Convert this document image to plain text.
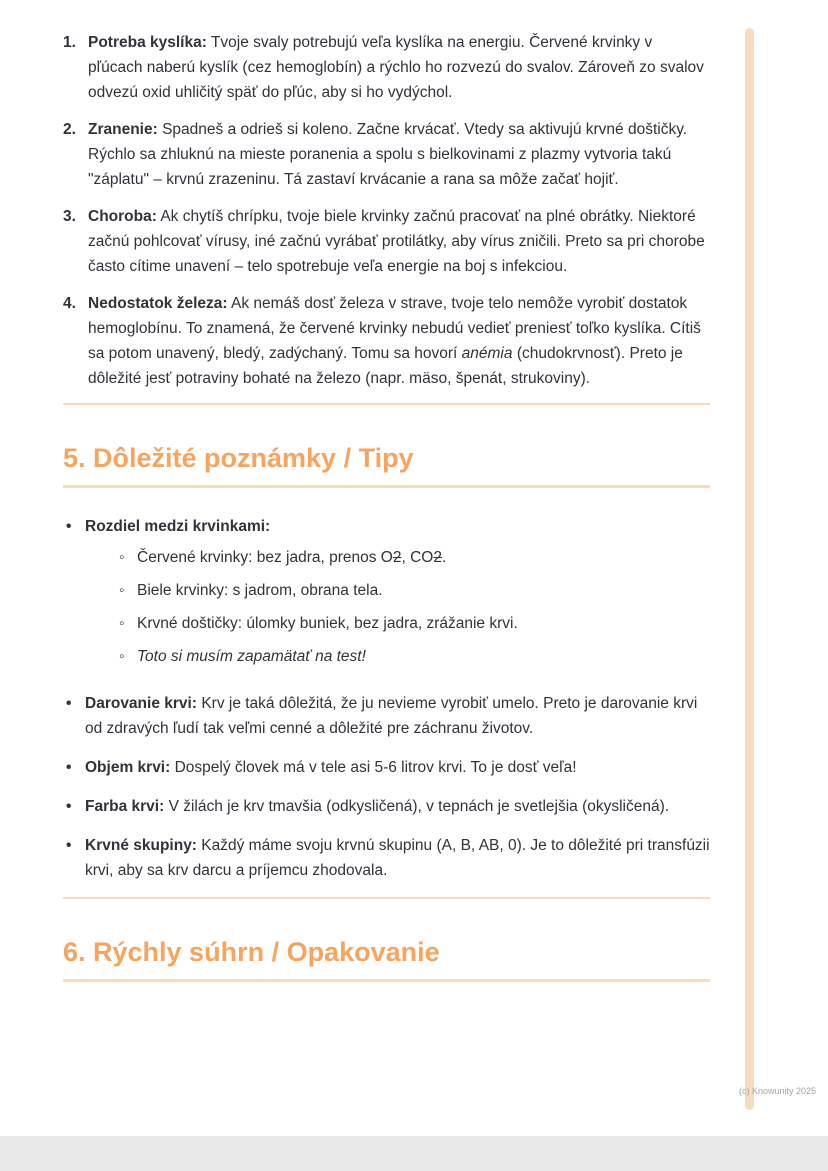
1. Potreba kyslíka: Tvoje svaly potrebujú veľa kyslíka na energiu. Červené krvinky v pľúcach naberú kyslík (cez hemoglobín) a rýchlo ho rozvezú do svalov. Zároveň zo svalov odvezú oxid uhličitý späť do pľúc, aby si ho vydýchol.
2. Zranenie: Spadneš a odrieš si koleno. Začne krvácať. Vtedy sa aktivujú krvné doštičky. Rýchlo sa zhluknú na mieste poranenia a spolu s bielkovinami z plazmy vytvoria takú "záplatu" – krvnú zrazeninu. Tá zastaví krvácanie a rana sa môže začať hojiť.
3. Choroba: Ak chytíš chrípku, tvoje biele krvinky začnú pracovať na plné obrátky. Niektoré začnú pohlcovať vírusy, iné začnú vyrábať protilátky, aby vírus zničili. Preto sa pri chorobe často cítime unavení – telo spotrebuje veľa energie na boj s infekciou.
4. Nedostatok železa: Ak nemáš dosť železa v strave, tvoje telo nemôže vyrobiť dostatok hemoglobínu. To znamená, že červené krvinky nebudú vedieť preniesť toľko kyslíka. Cítiš sa potom unavený, bledý, zadýchaný. Tomu sa hovorí anémia (chudokrvnosť). Preto je dôležité jesť potraviny bohaté na železo (napr. mäso, špenát, strukoviny).
5. Dôležité poznámky / Tipy
• Rozdiel medzi krvinkami:
◦ Červené krvinky: bez jadra, prenos O2, CO2.
◦ Biele krvinky: s jadrom, obrana tela.
◦ Krvné doštičky: úlomky buniek, bez jadra, zrážanie krvi.
◦ Toto si musím zapamätať na test!
• Darovanie krvi: Krv je taká dôležitá, že ju nevieme vyrobiť umelo. Preto je darovanie krvi od zdravých ľudí tak veľmi cenné a dôležité pre záchranu životov.
• Objem krvi: Dospelý človek má v tele asi 5-6 litrov krvi. To je dosť veľa!
• Farba krvi: V žilách je krv tmavšia (odkysličená), v tepnách je svetlejšia (okysličená).
• Krvné skupiny: Každý máme svoju krvnú skupinu (A, B, AB, 0). Je to dôležité pri transfúzii krvi, aby sa krv darcu a príjemcu zhodovala.
6. Rýchly súhrn / Opakovanie
(c) Knowunity 2025
